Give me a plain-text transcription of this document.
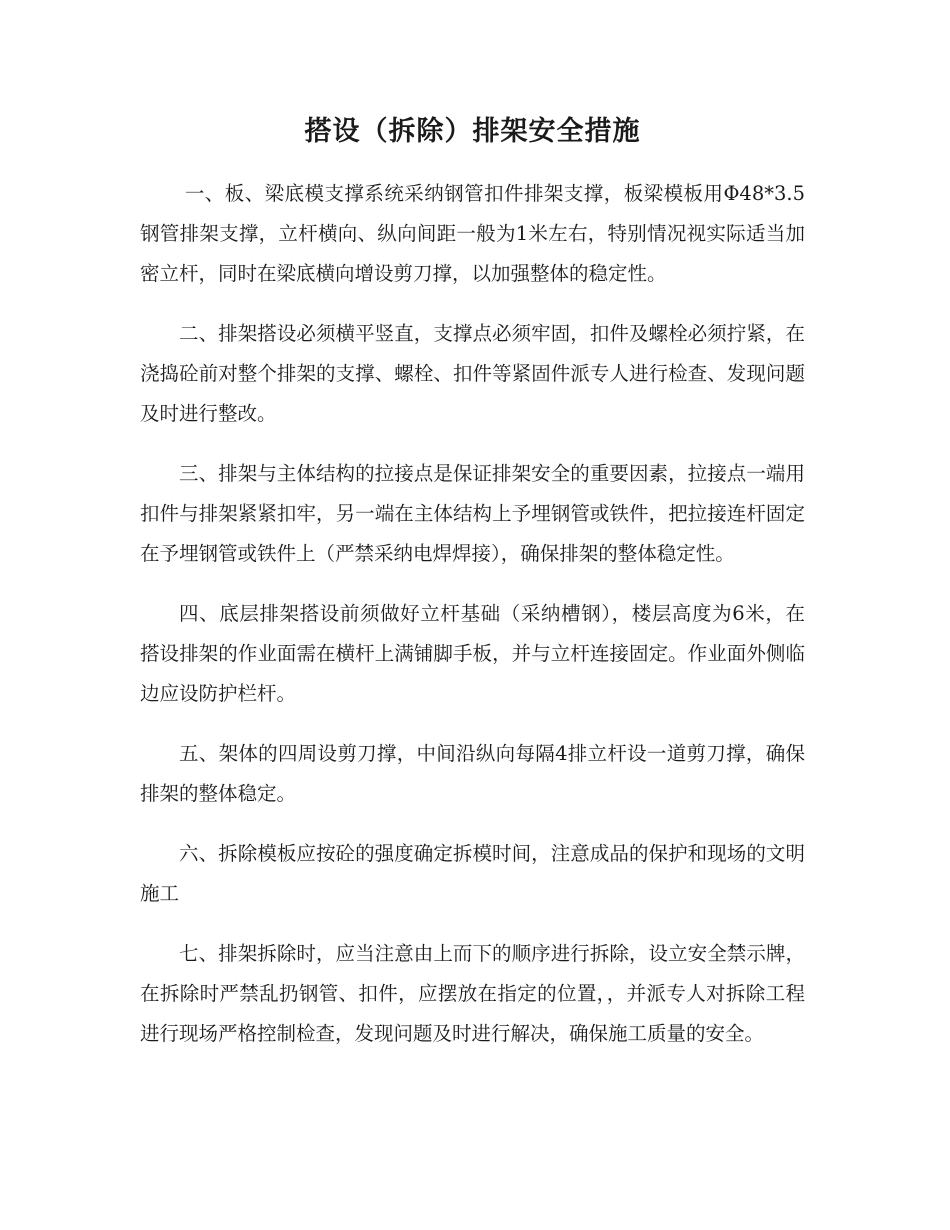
搭设（拆除）排架安全措施

一、板、梁底模支撑系统采纳钢管扣件排架支撑，板梁模板用Φ48*3.5钢管排架支撑，立杆横向、纵向间距一般为1米左右，特别情况视实际适当加密立杆，同时在梁底横向增设剪刀撑，以加强整体的稳定性。

二、排架搭设必须横平竖直，支撑点必须牢固，扣件及螺栓必须拧紧，在浇捣砼前对整个排架的支撑、螺栓、扣件等紧固件派专人进行检查、发现问题及时进行整改。

三、排架与主体结构的拉接点是保证排架安全的重要因素，拉接点一端用扣件与排架紧紧扣牢，另一端在主体结构上予埋钢管或铁件，把拉接连杆固定在予埋钢管或铁件上（严禁采纳电焊焊接），确保排架的整体稳定性。

四、底层排架搭设前须做好立杆基础（采纳槽钢），楼层高度为6米，在搭设排架的作业面需在横杆上满铺脚手板，并与立杆连接固定。作业面外侧临边应设防护栏杆。

五、架体的四周设剪刀撑，中间沿纵向每隔4排立杆设一道剪刀撑，确保排架的整体稳定。

六、拆除模板应按砼的强度确定拆模时间，注意成品的保护和现场的文明施工

七、排架拆除时，应当注意由上而下的顺序进行拆除，设立安全禁示牌，在拆除时严禁乱扔钢管、扣件，应摆放在指定的位置，，并派专人对拆除工程进行现场严格控制检查，发现问题及时进行解决，确保施工质量的安全。
